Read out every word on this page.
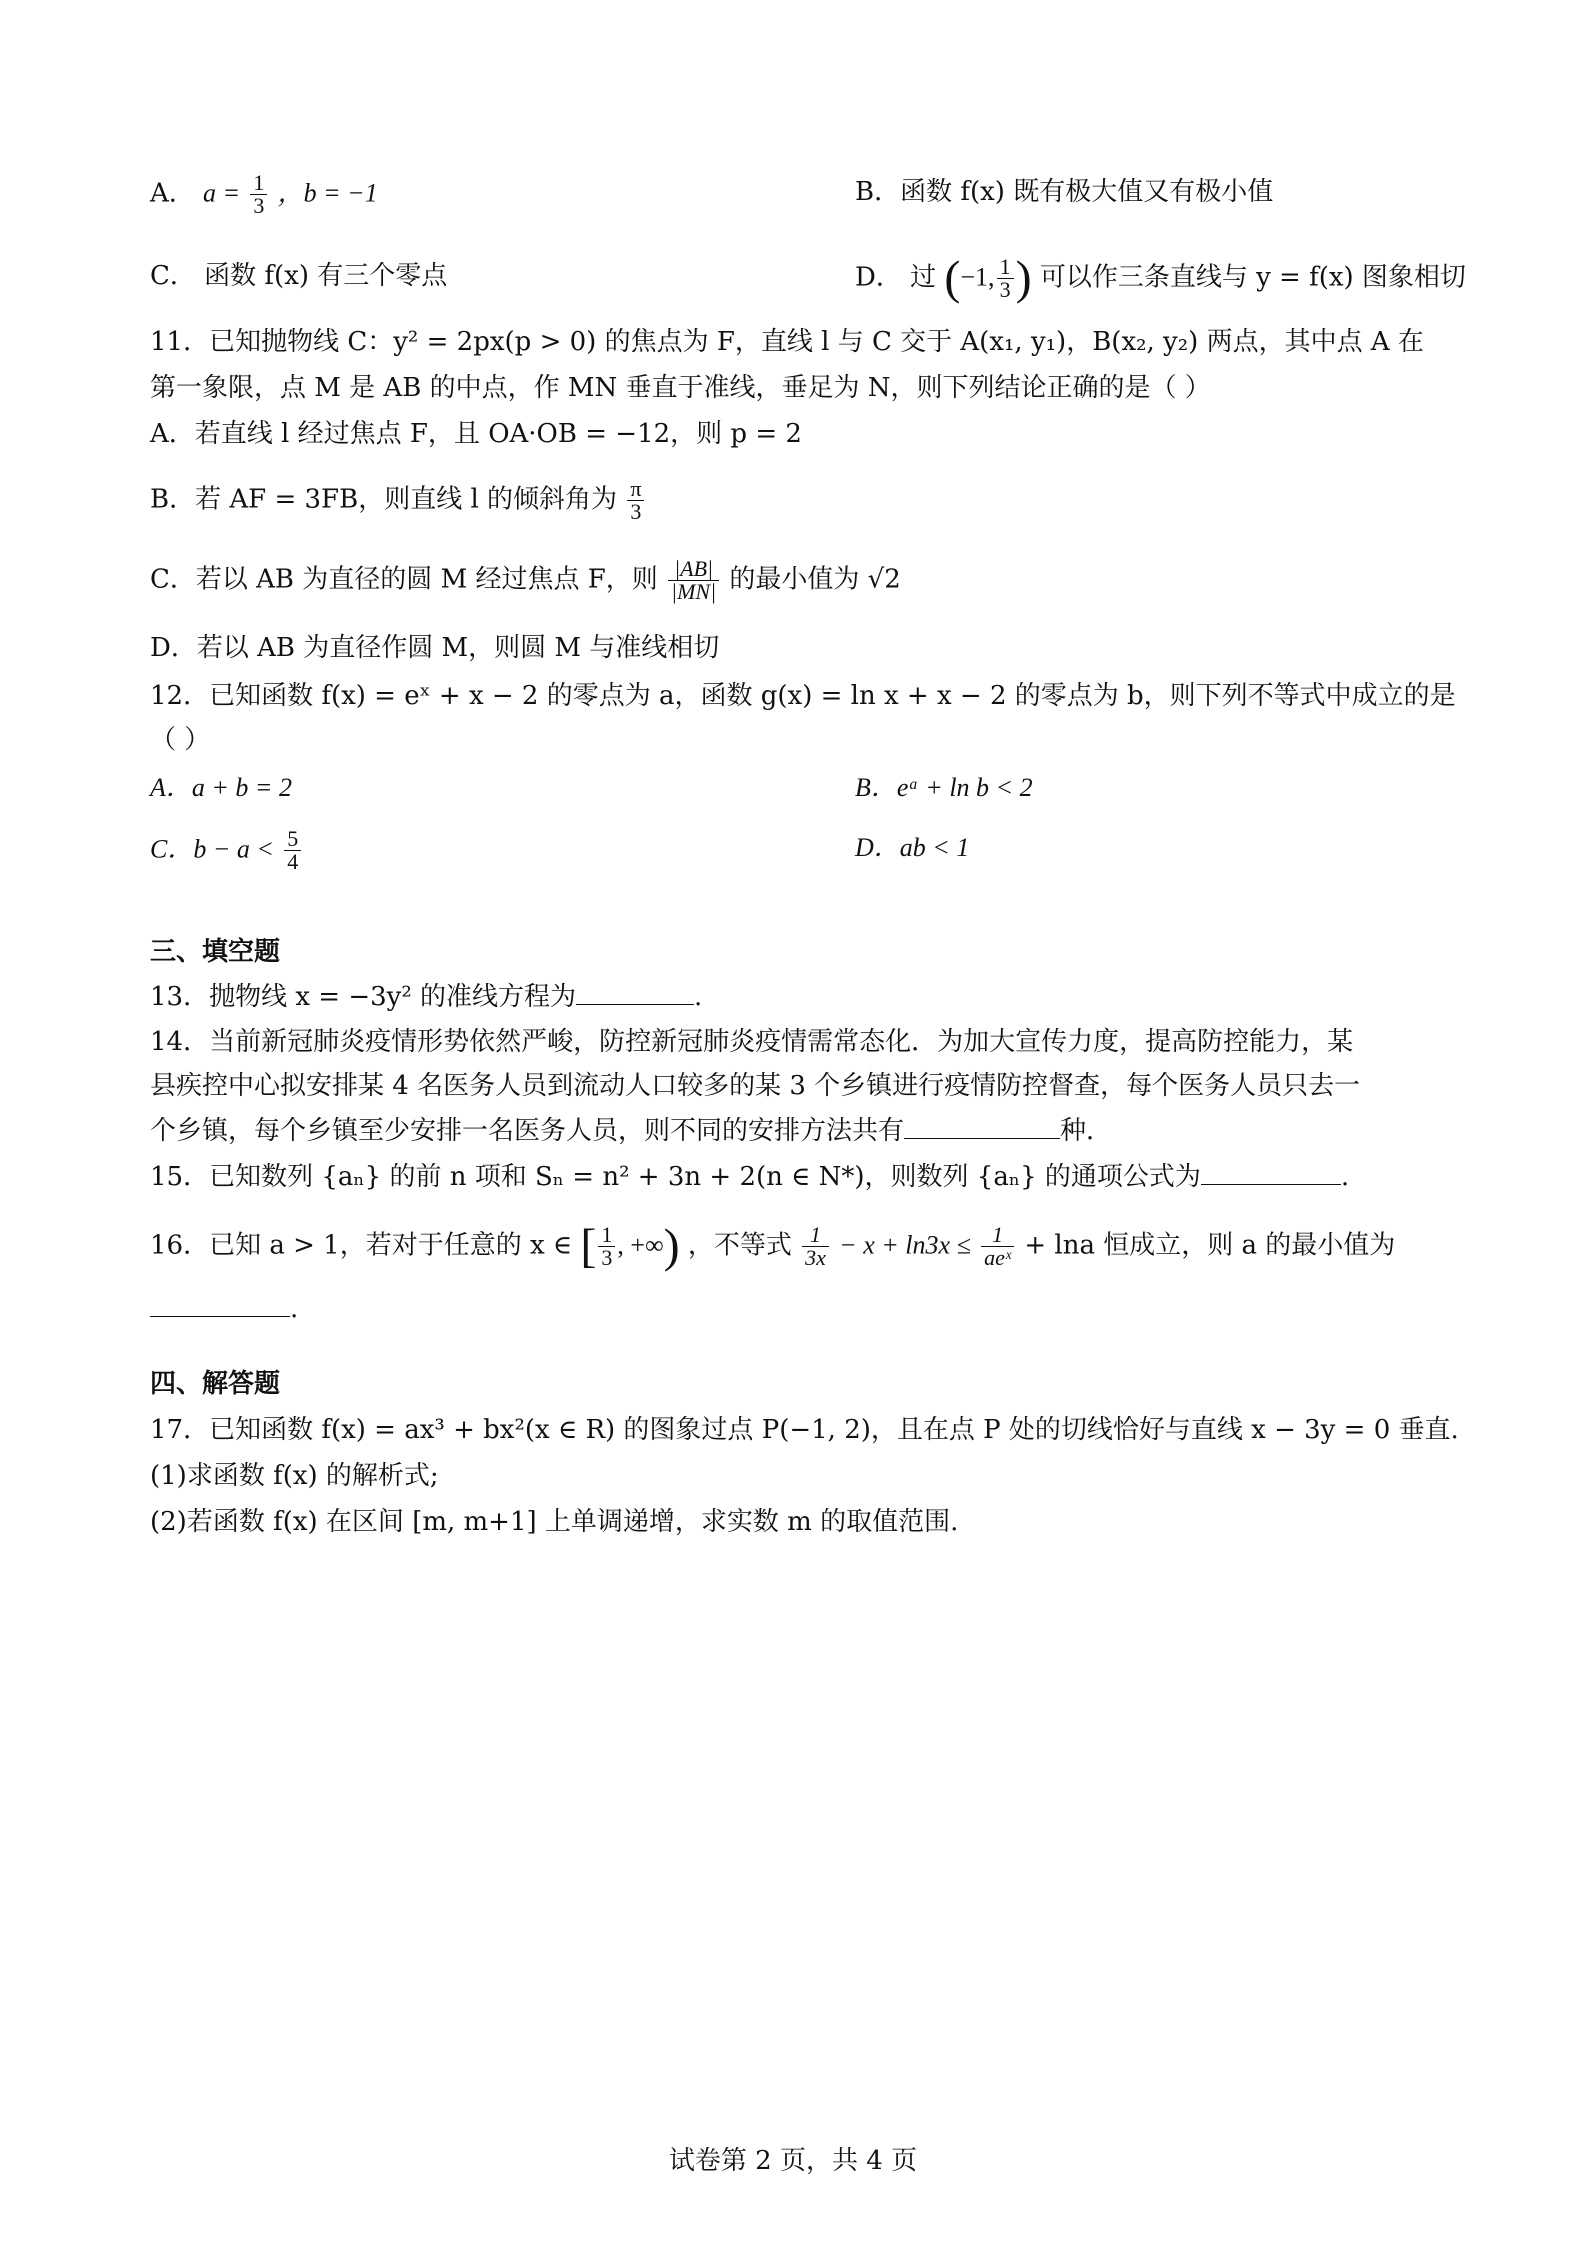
A． $a = \frac{1}{3}$ ，b = −1	B．函数 f(x) 既有极大值又有极小值
C． 函数 f(x) 有三个零点	D． 过 (−1, $\frac{1}{3}$ ) 可以作三条直线与 y = f(x) 图象相切
11．已知抛物线 C：y² = 2px(p > 0) 的焦点为 F，直线 l 与 C 交于 A(x₁, y₁)，B(x₂, y₂) 两点，其中点 A 在
第一象限，点 M 是 AB 的中点，作 MN 垂直于准线，垂足为 N，则下列结论正确的是（ ）
A．若直线 l 经过焦点 F，且 OA·OB = −12，则 p = 2
B．若 AF = 3FB，则直线 l 的倾斜角为 $\frac{\pi}{3}$
C．若以 AB 为直径的圆 M 经过焦点 F，则 $\frac{|AB|}{|MN|}$ 的最小值为 √2
D．若以 AB 为直径作圆 M，则圆 M 与准线相切
12．已知函数 f(x) = eˣ + x − 2 的零点为 a，函数 g(x) = ln x + x − 2 的零点为 b，则下列不等式中成立的是
（ ）
A．a + b = 2	B．eᵃ + ln b < 2
C．$b - a < \frac{5}{4}$	D．ab < 1
三、填空题
13．抛物线 x = −3y² 的准线方程为	.
14．当前新冠肺炎疫情形势依然严峻，防控新冠肺炎疫情需常态化．为加大宣传力度，提高防控能力，某
县疾控中心拟安排某 4 名医务人员到流动人口较多的某 3 个乡镇进行疫情防控督查，每个医务人员只去一
个乡镇，每个乡镇至少安排一名医务人员，则不同的安排方法共有	种．
15．已知数列 {aₙ} 的前 n 项和 Sₙ = n² + 3n + 2(n ∈ N*)，则数列 {aₙ} 的通项公式为	.
16．已知 a > 1，若对于任意的 x ∈ [ $\frac{1}{3}$ , +∞) ，不等式 $\frac{1}{3x} - x + \ln 3x \le \frac{1}{\text{aeˣ}} + \ln a$ 恒成立，则 a 的最小值为
.
四、解答题
17．已知函数 f(x) = ax³ + bx²(x ∈ R) 的图象过点 P(−1, 2)，且在点 P 处的切线恰好与直线 x − 3y = 0 垂直.
(1)求函数 f(x) 的解析式;
(2)若函数 f(x) 在区间 [m, m+1] 上单调递增，求实数 m 的取值范围.
试卷第 2 页，共 4 页
